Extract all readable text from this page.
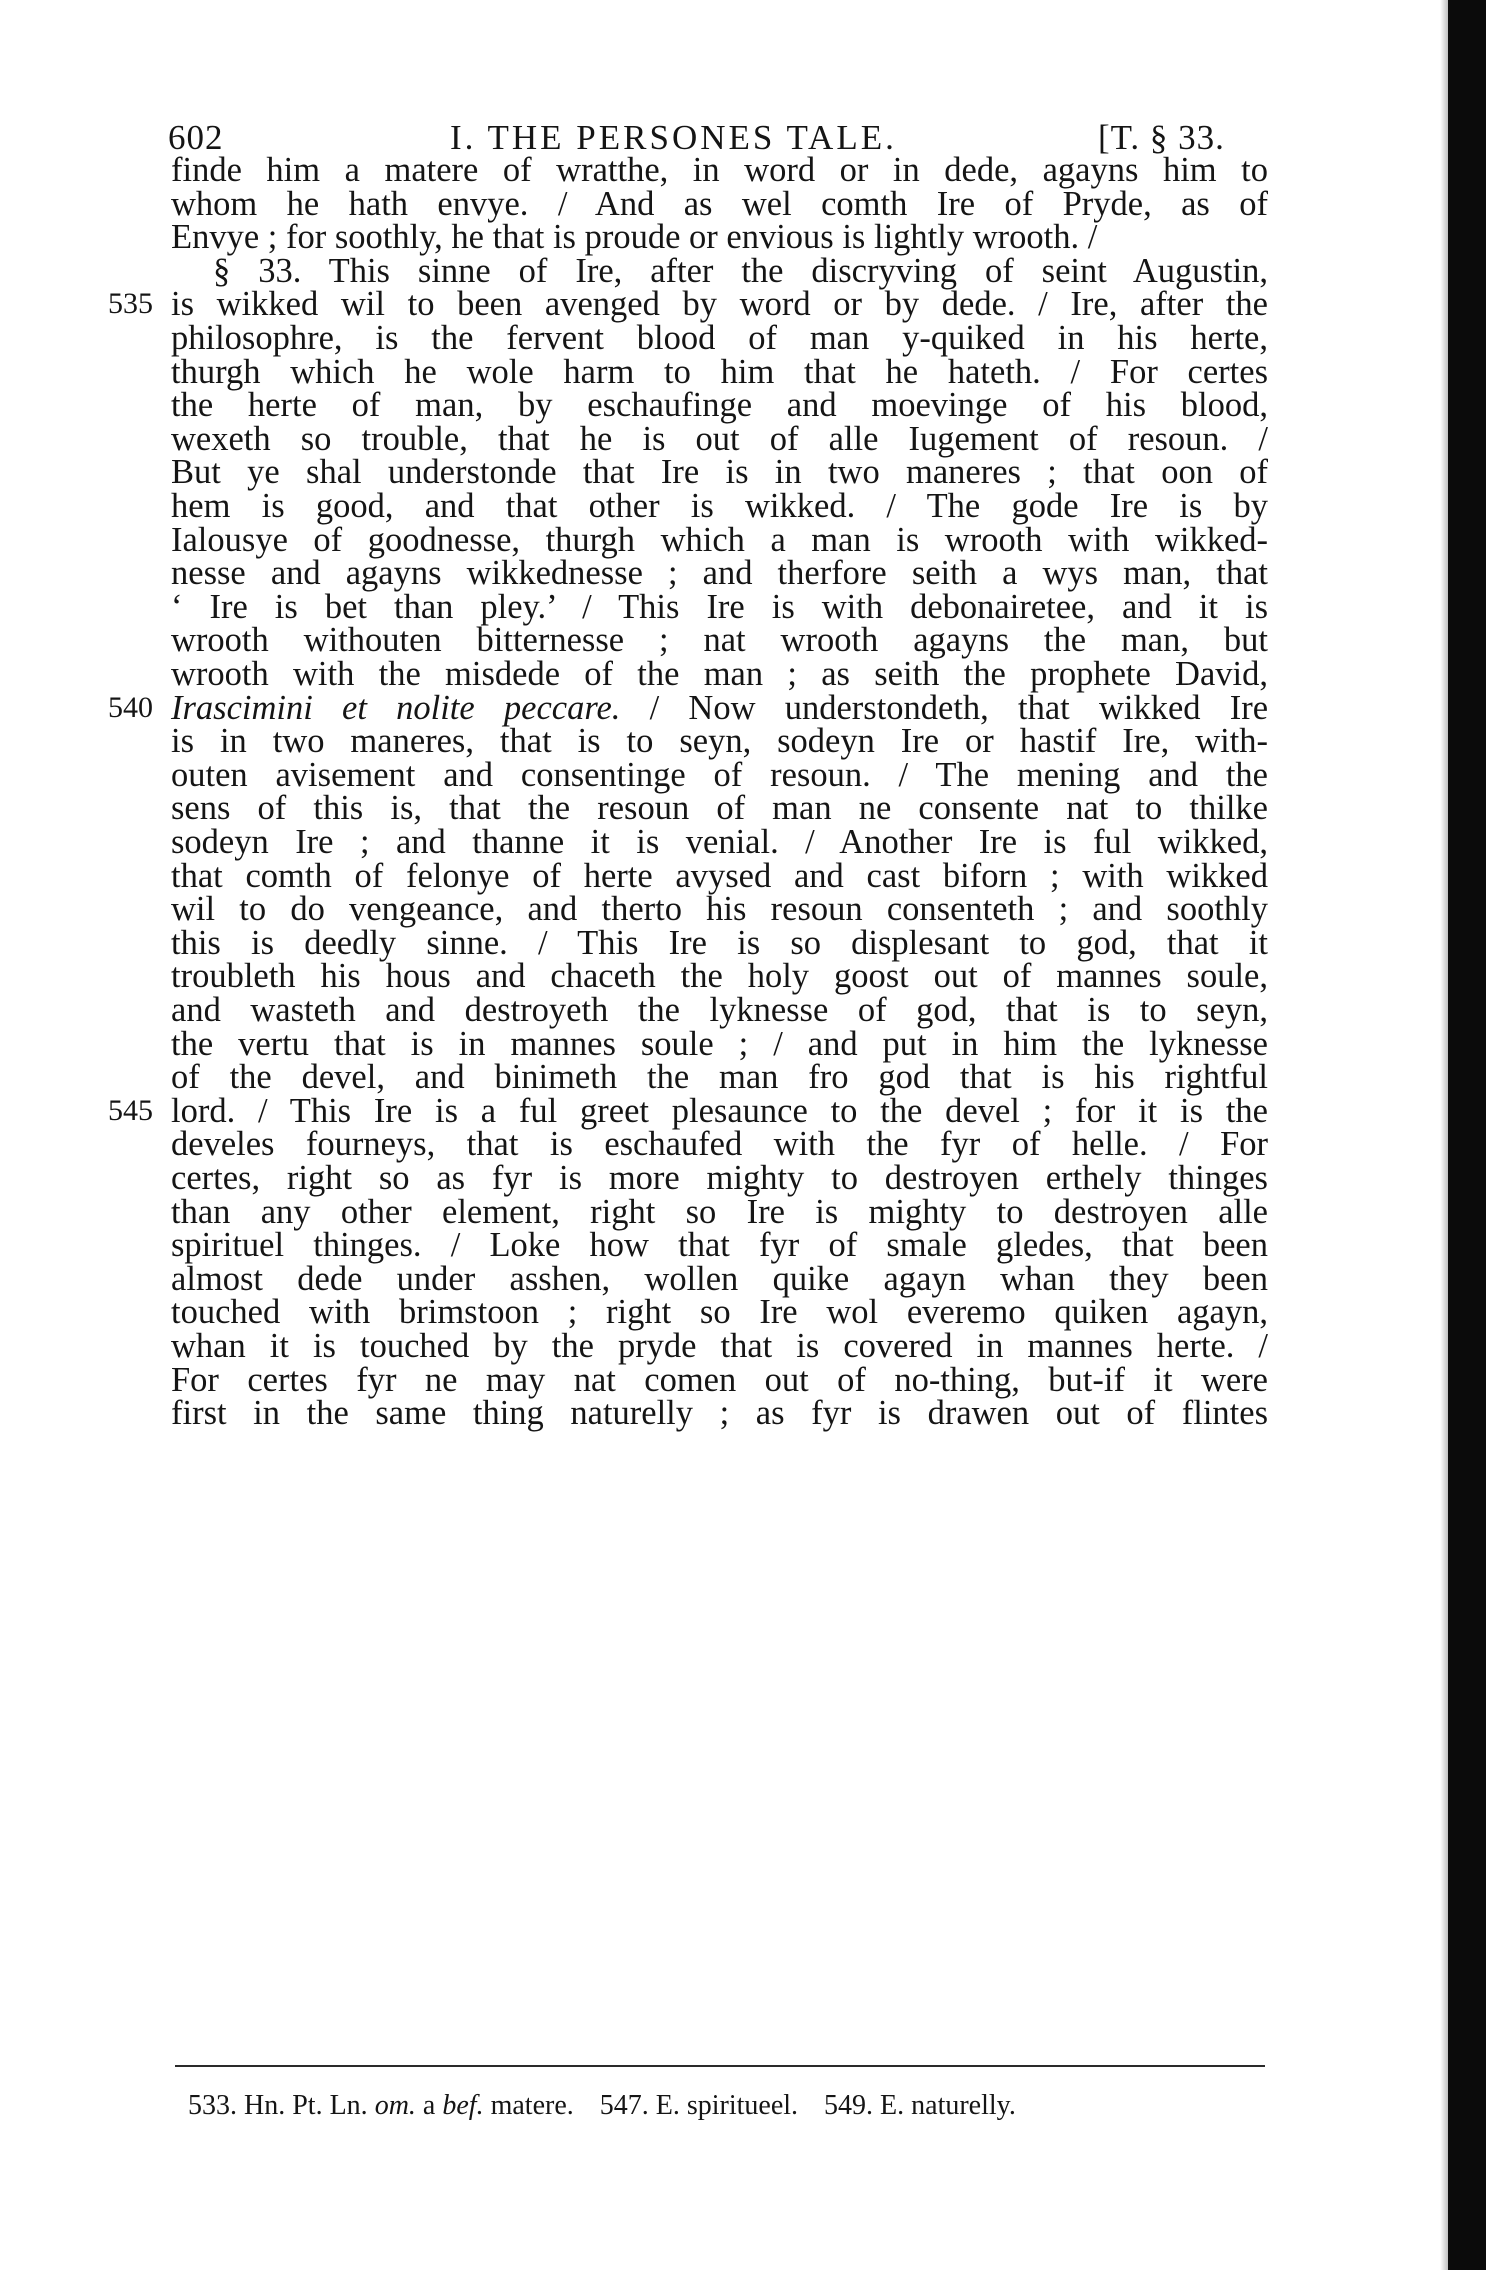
602	I. THE PERSONES TALE.	[T. § 33.
finde him a matere of wratthe, in word or in dede, agayns him to
whom he hath envye. / And as wel comth Ire of Pryde, as of
Envye ; for soothly, he that is proude or envious is lightly wrooth. /
§ 33. This sinne of Ire, after the discryving of seint Augustin,
535 is wikked wil to been avenged by word or by dede. / Ire, after the
philosophre, is the fervent blood of man y-quiked in his herte,
thurgh which he wole harm to him that he hateth. / For certes
the herte of man, by eschaufinge and moevinge of his blood,
wexeth so trouble, that he is out of alle Iugement of resoun. /
But ye shal understonde that Ire is in two maneres ; that oon of
hem is good, and that other is wikked. / The gode Ire is by
Ialousye of goodnesse, thurgh which a man is wrooth with wikked-
nesse and agayns wikkednesse ; and therfore seith a wys man, that
‘ Ire is bet than pley.’ / This Ire is with debonairetee, and it is
wrooth withouten bitternesse ; nat wrooth agayns the man, but
wrooth with the misdede of the man ; as seith the prophete David,
540 Irascimini et nolite peccare. / Now understondeth, that wikked Ire
is in two maneres, that is to seyn, sodeyn Ire or hastif Ire, with-
outen avisement and consentinge of resoun. / The mening and the
sens of this is, that the resoun of man ne consente nat to thilke
sodeyn Ire ; and thanne it is venial. / Another Ire is ful wikked,
that comth of felonye of herte avysed and cast biforn ; with wikked
wil to do vengeance, and therto his resoun consenteth ; and soothly
this is deedly sinne. / This Ire is so displesant to god, that it
troubleth his hous and chaceth the holy goost out of mannes soule,
and wasteth and destroyeth the lyknesse of god, that is to seyn,
the vertu that is in mannes soule ; / and put in him the lyknesse
of the devel, and binimeth the man fro god that is his rightful
545 lord. / This Ire is a ful greet plesaunce to the devel ; for it is the
develes fourneys, that is eschaufed with the fyr of helle. / For
certes, right so as fyr is more mighty to destroyen erthely thinges
than any other element, right so Ire is mighty to destroyen alle
spirituel thinges. / Loke how that fyr of smale gledes, that been
almost dede under asshen, wollen quike agayn whan they been
touched with brimstoon ; right so Ire wol everemo quiken agayn,
whan it is touched by the pryde that is covered in mannes herte. /
For certes fyr ne may nat comen out of no-thing, but-if it were
first in the same thing naturelly ; as fyr is drawen out of flintes
533. Hn. Pt. Ln. om. a bef. matere. 547. E. spiritueel. 549. E. naturelly.
